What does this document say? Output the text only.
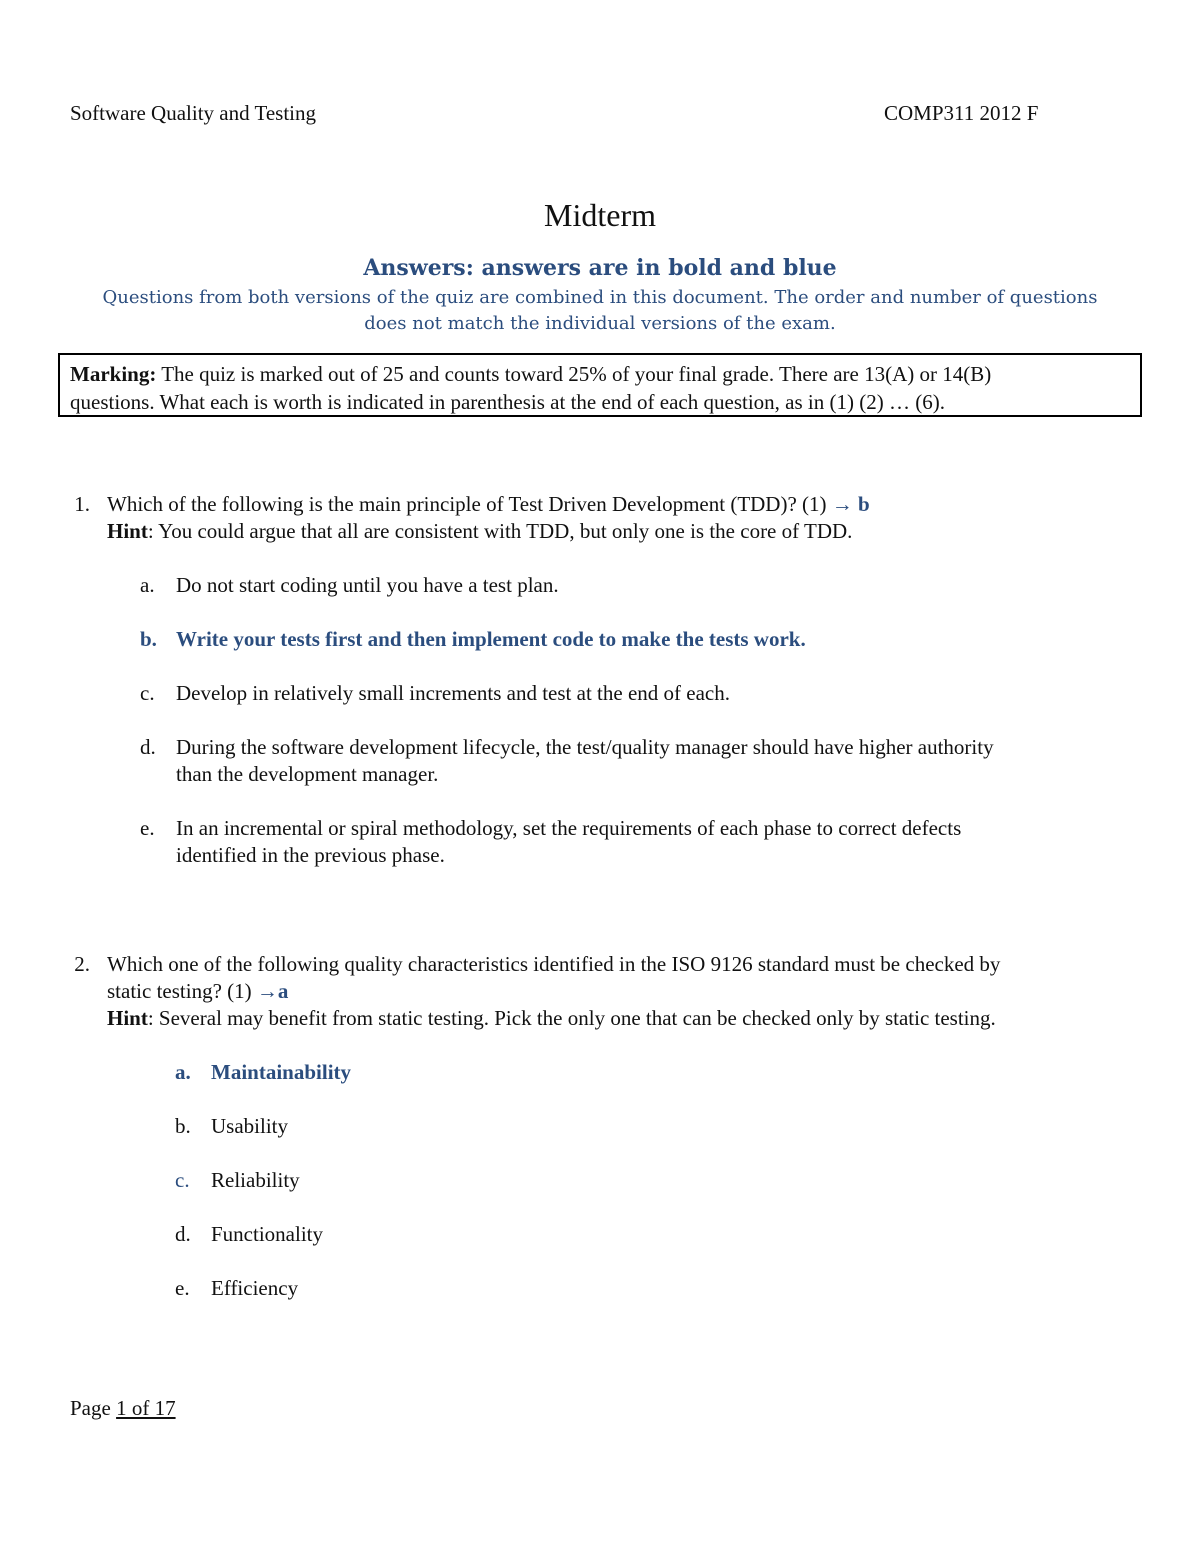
Software Quality and Testing	COMP311 2012 F
Midterm
Answers: answers are in bold and blue
Questions from both versions of the quiz are combined in this document. The order and number of questions
does not match the individual versions of the exam.
Marking: The quiz is marked out of 25 and counts toward 25% of your final grade. There are 13(A) or 14(B)
questions. What each is worth is indicated in parenthesis at the end of each question, as in (1) (2) … (6).
1. Which of the following is the main principle of Test Driven Development (TDD)? (1) → b
Hint: You could argue that all are consistent with TDD, but only one is the core of TDD.
a. Do not start coding until you have a test plan.
b. Write your tests first and then implement code to make the tests work.
c. Develop in relatively small increments and test at the end of each.
d. During the software development lifecycle, the test/quality manager should have higher authority
than the development manager.
e. In an incremental or spiral methodology, set the requirements of each phase to correct defects
identified in the previous phase.
2. Which one of the following quality characteristics identified in the ISO 9126 standard must be checked by
static testing? (1) →a
Hint: Several may benefit from static testing. Pick the only one that can be checked only by static testing.
a. Maintainability
b. Usability
c. Reliability
d. Functionality
e. Efficiency
Page 1 of 17
